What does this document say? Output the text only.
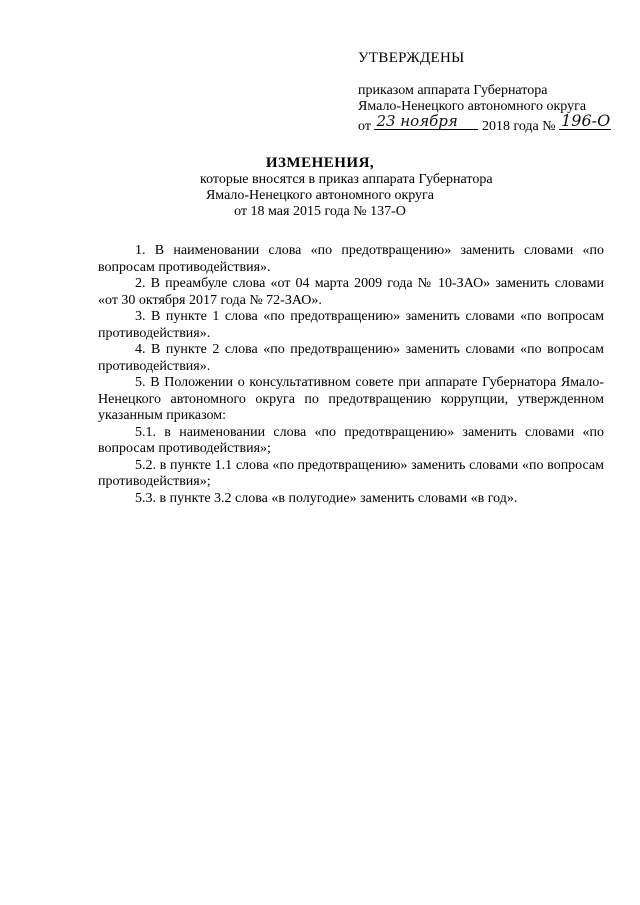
УТВЕРЖДЕНЫ
приказом аппарата Губернатора
Ямало-Ненецкого автономного округа
от 23 ноября 2018 года № 196-О
ИЗМЕНЕНИЯ,
которые вносятся в приказ аппарата Губернатора
Ямало-Ненецкого автономного округа
от 18 мая 2015 года № 137-О

1. В наименовании слова «по предотвращению» заменить словами «по вопросам противодействия».

2. В преамбуле слова «от 04 марта 2009 года № 10-ЗАО» заменить словами «от 30 октября 2017 года № 72-ЗАО».

3. В пункте 1 слова «по предотвращению» заменить словами «по вопросам противодействия».

4. В пункте 2 слова «по предотвращению» заменить словами «по вопросам противодействия».

5. В Положении о консультативном совете при аппарате Губернатора Ямало-Ненецкого автономного округа по предотвращению коррупции, утвержденном указанным приказом:

5.1. в наименовании слова «по предотвращению» заменить словами «по вопросам противодействия»;

5.2. в пункте 1.1 слова «по предотвращению» заменить словами «по вопросам противодействия»;

5.3. в пункте 3.2 слова «в полугодие» заменить словами «в год».
